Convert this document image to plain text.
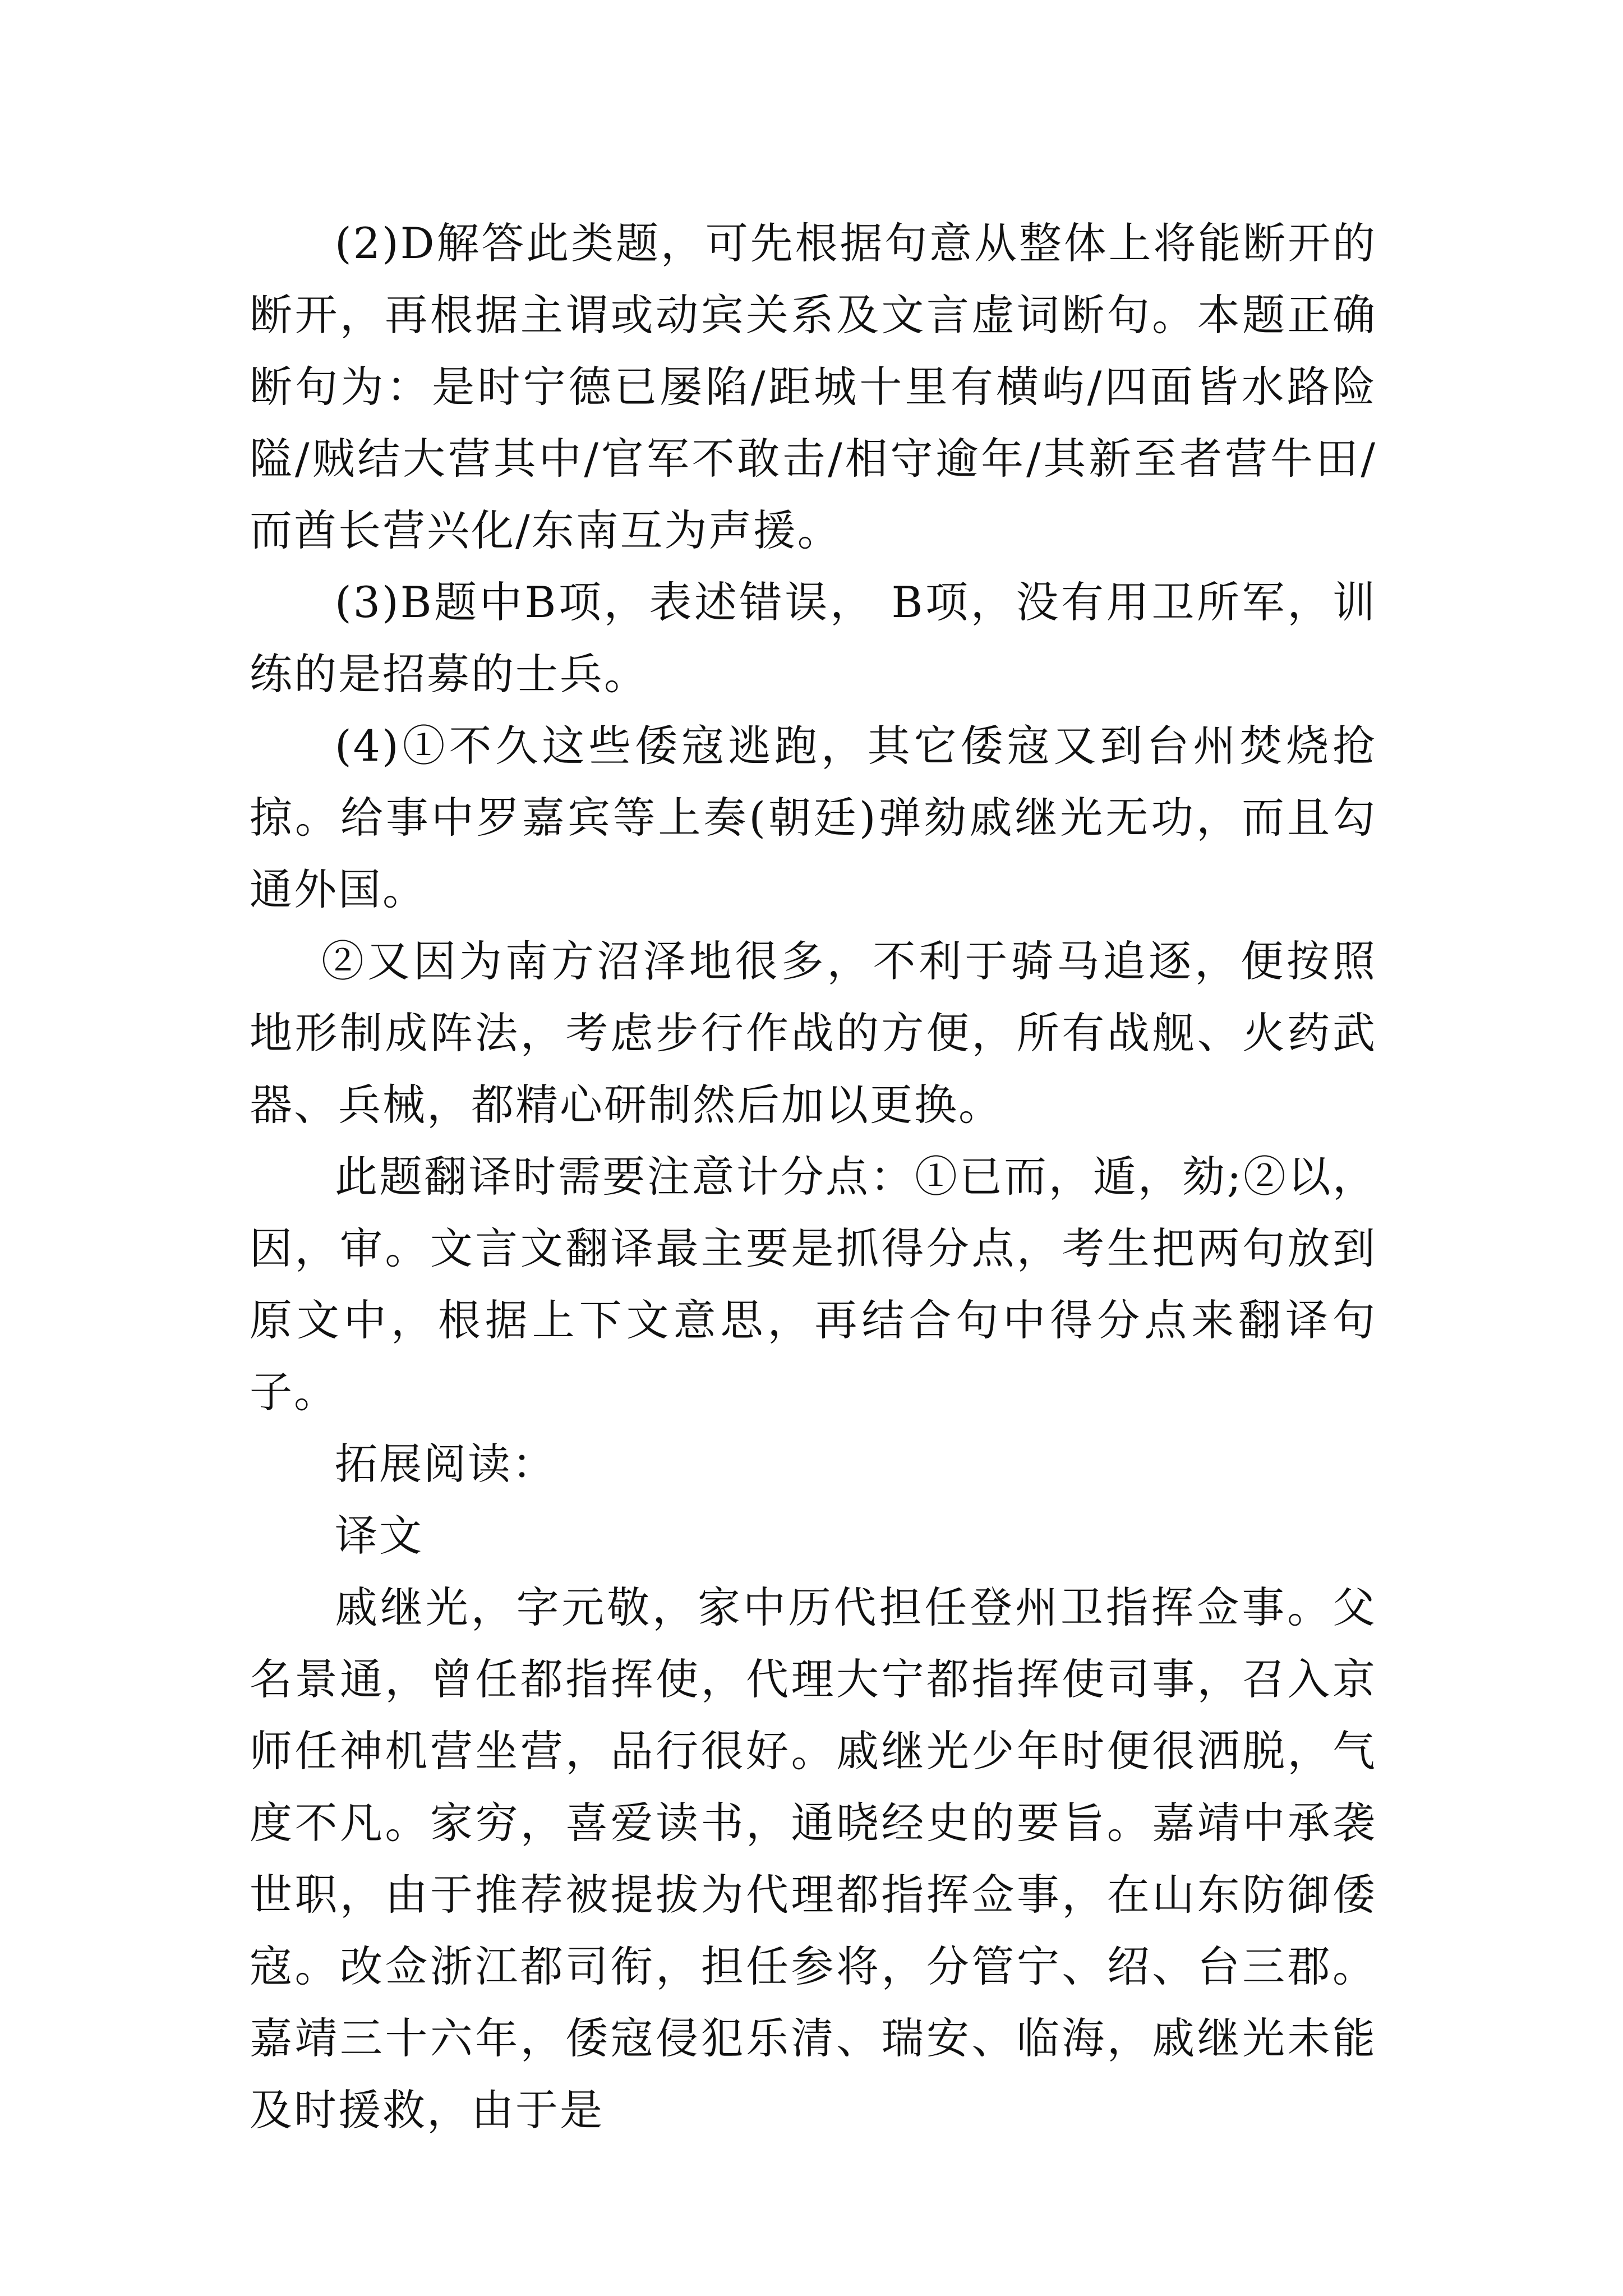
(2)D解答此类题，可先根据句意从整体上将能断开的断开，再根据主谓或动宾关系及文言虚词断句。本题正确断句为：是时宁德已屡陷/距城十里有横屿/四面皆水路险隘/贼结大营其中/官军不敢击/相守逾年/其新至者营牛田/而酋长营兴化/东南互为声援。

(3)B题中B项，表述错误， B项，没有用卫所军，训练的是招募的士兵。

(4)①不久这些倭寇逃跑，其它倭寇又到台州焚烧抢掠。给事中罗嘉宾等上奏(朝廷)弹劾戚继光无功，而且勾通外国。

②又因为南方沼泽地很多，不利于骑马追逐，便按照地形制成阵法，考虑步行作战的方便，所有战舰、火药武器、兵械，都精心研制然后加以更换。

此题翻译时需要注意计分点：①已而，遁，劾;②以，因，审。文言文翻译最主要是抓得分点，考生把两句放到原文中，根据上下文意思，再结合句中得分点来翻译句子。

拓展阅读：

译文

戚继光，字元敬，家中历代担任登州卫指挥佥事。父名景通，曾任都指挥使，代理大宁都指挥使司事，召入京师任神机营坐营，品行很好。戚继光少年时便很洒脱，气度不凡。家穷，喜爱读书，通晓经史的要旨。嘉靖中承袭世职，由于推荐被提拔为代理都指挥佥事，在山东防御倭寇。改佥浙江都司衔，担任参将，分管宁、绍、台三郡。嘉靖三十六年，倭寇侵犯乐清、瑞安、临海，戚继光未能及时援救，由于是
